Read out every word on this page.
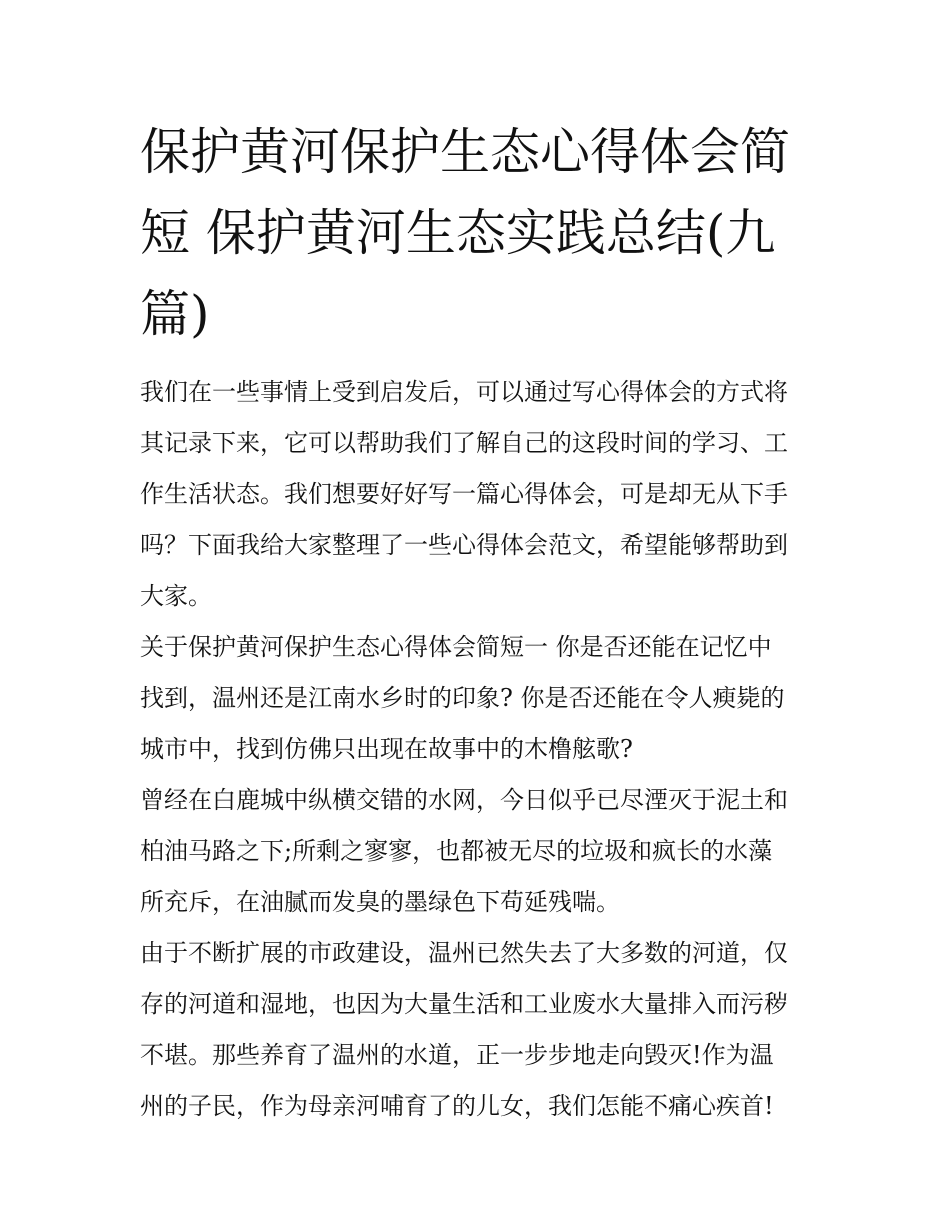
保护黄河保护生态心得体会简
短 保护黄河生态实践总结(九
篇)
我们在一些事情上受到启发后，可以通过写心得体会的方式将
其记录下来，它可以帮助我们了解自己的这段时间的学习、工
作生活状态。我们想要好好写一篇心得体会，可是却无从下手
吗？下面我给大家整理了一些心得体会范文，希望能够帮助到
大家。
关于保护黄河保护生态心得体会简短一 你是否还能在记忆中
找到，温州还是江南水乡时的印象? 你是否还能在令人瘐毙的
城市中，找到仿佛只出现在故事中的木橹舷歌?
曾经在白鹿城中纵横交错的水网，今日似乎已尽湮灭于泥土和
柏油马路之下;所剩之寥寥，也都被无尽的垃圾和疯长的水藻
所充斥，在油腻而发臭的墨绿色下苟延残喘。
由于不断扩展的市政建设，温州已然失去了大多数的河道，仅
存的河道和湿地，也因为大量生活和工业废水大量排入而污秽
不堪。那些养育了温州的水道，正一步步地走向毁灭!作为温
州的子民，作为母亲河哺育了的儿女，我们怎能不痛心疾首!
